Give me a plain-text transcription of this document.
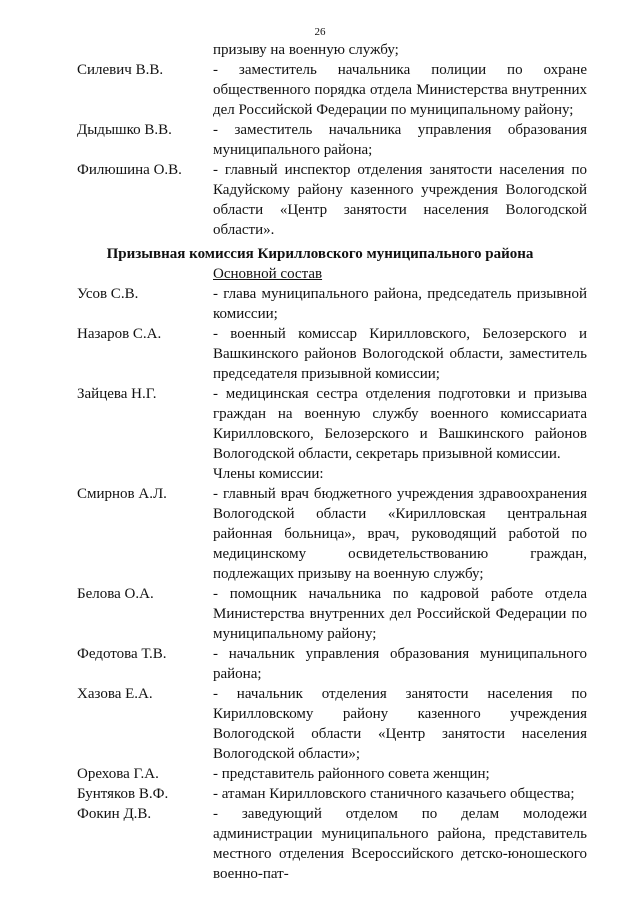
26
призыву на военную службу;
Силевич В.В.	- заместитель начальника полиции по охране общественного порядка отдела Министерства внутренних дел Российской Федерации по муниципальному району;
Дыдышко В.В.	- заместитель начальника управления образования муниципального района;
Филюшина О.В. - главный инспектор отделения занятости населения по Кадуйскому району казенного учреждения Вологодской области «Центр занятости населения Вологодской области».
Призывная комиссия Кирилловского муниципального района
Основной состав
Усов С.В.	- глава муниципального района, председатель призывной комиссии;
Назаров С.А.	- военный комиссар Кирилловского, Белозерского и Вашкинского районов Вологодской области, заместитель председателя призывной комиссии;
Зайцева Н.Г.	- медицинская сестра отделения подготовки и призыва граждан на военную службу военного комиссариата Кирилловского, Белозерского и Вашкинского районов Вологодской области, секретарь призывной комиссии.
Члены комиссии:
Смирнов А.Л.	- главный врач бюджетного учреждения здравоохранения Вологодской области «Кирилловская центральная районная больница», врач, руководящий работой по медицинскому освидетельствованию граждан, подлежащих призыву на военную службу;
Белова О.А.	- помощник начальника по кадровой работе отдела Министерства внутренних дел Российской Федерации по муниципальному району;
Федотова Т.В.	- начальник управления образования муниципального района;
Хазова Е.А.	- начальник отделения занятости населения по Кирилловскому району казенного учреждения Вологодской области «Центр занятости населения Вологодской области»;
Орехова Г.А.	- представитель районного совета женщин;
Бунтяков В.Ф.	- атаман Кирилловского станичного казачьего общества;
Фокин Д.В.	- заведующий отделом по делам молодежи администрации муниципального района, представитель местного отделения Всероссийского детско-юношеского военно-пат-
